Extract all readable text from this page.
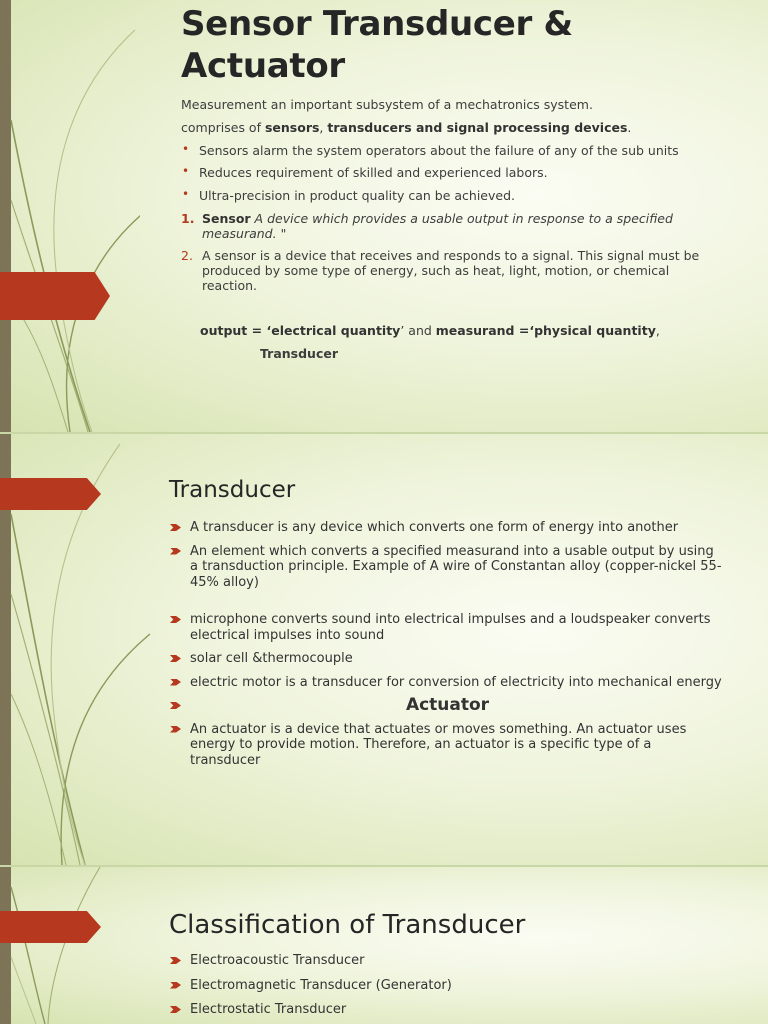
Sensor Transducer &
Actuator
Measurement an important subsystem of a mechatronics system.
comprises of sensors, transducers and signal processing devices.
• Sensors alarm the system operators about the failure of any of the sub units
• Reduces requirement of skilled and experienced labors.
• Ultra-precision in product quality can be achieved.
1. Sensor A device which provides a usable output in response to a specified measurand. "
2. A sensor is a device that receives and responds to a signal. This signal must be produced by some type of energy, such as heat, light, motion, or chemical reaction.
output = ‘electrical quantity’ and measurand =‘physical quantity,
Transducer
Transducer
A transducer is any device which converts one form of energy into another
An element which converts a specified measurand into a usable output by using a transduction principle. Example of A wire of Constantan alloy (copper-nickel 55-45% alloy)
microphone converts sound into electrical impulses and a loudspeaker converts electrical impulses into sound
solar cell &thermocouple
electric motor is a transducer for conversion of electricity into mechanical energy
Actuator
An actuator is a device that actuates or moves something. An actuator uses energy to provide motion. Therefore, an actuator is a specific type of a transducer
Classification of Transducer
Electroacoustic Transducer
Electromagnetic Transducer (Generator)
Electrostatic Transducer
